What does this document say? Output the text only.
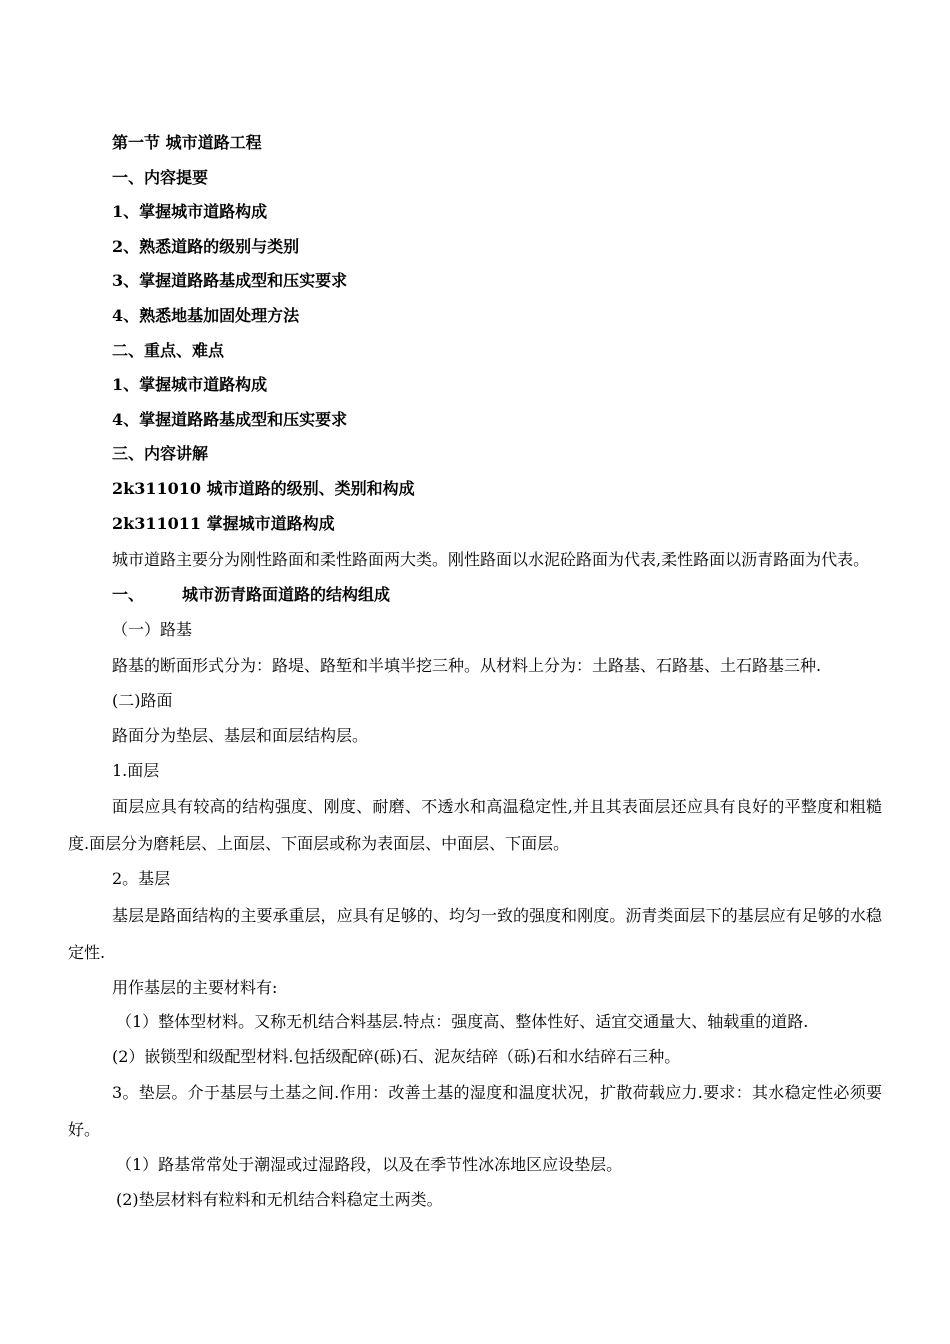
第一节 城市道路工程

一、内容提要

1、掌握城市道路构成

2、熟悉道路的级别与类别

3、掌握道路路基成型和压实要求

4、熟悉地基加固处理方法

二、重点、难点

1、掌握城市道路构成

4、掌握道路路基成型和压实要求

三、内容讲解

2k311010 城市道路的级别、类别和构成

2k311011 掌握城市道路构成

城市道路主要分为刚性路面和柔性路面两大类。刚性路面以水泥砼路面为代表,柔性路面以沥青路面为代表。

一、 城市沥青路面道路的结构组成

（一）路基

路基的断面形式分为：路堤、路堑和半填半挖三种。从材料上分为：土路基、石路基、土石路基三种.

(二)路面

路面分为垫层、基层和面层结构层。

1.面层

面层应具有较高的结构强度、刚度、耐磨、不透水和高温稳定性,并且其表面层还应具有良好的平整度和粗糙度.面层分为磨耗层、上面层、下面层或称为表面层、中面层、下面层。

2。基层

基层是路面结构的主要承重层，应具有足够的、均匀一致的强度和刚度。沥青类面层下的基层应有足够的水稳定性.

用作基层的主要材料有:

（1）整体型材料。又称无机结合料基层.特点：强度高、整体性好、适宜交通量大、轴载重的道路.

(2）嵌锁型和级配型材料.包括级配碎(砾)石、泥灰结碎（砾)石和水结碎石三种。

3。垫层。介于基层与土基之间.作用：改善土基的湿度和温度状况，扩散荷载应力.要求：其水稳定性必须要好。

（1）路基常常处于潮湿或过湿路段，以及在季节性冰冻地区应设垫层。

(2)垫层材料有粒料和无机结合料稳定土两类。
